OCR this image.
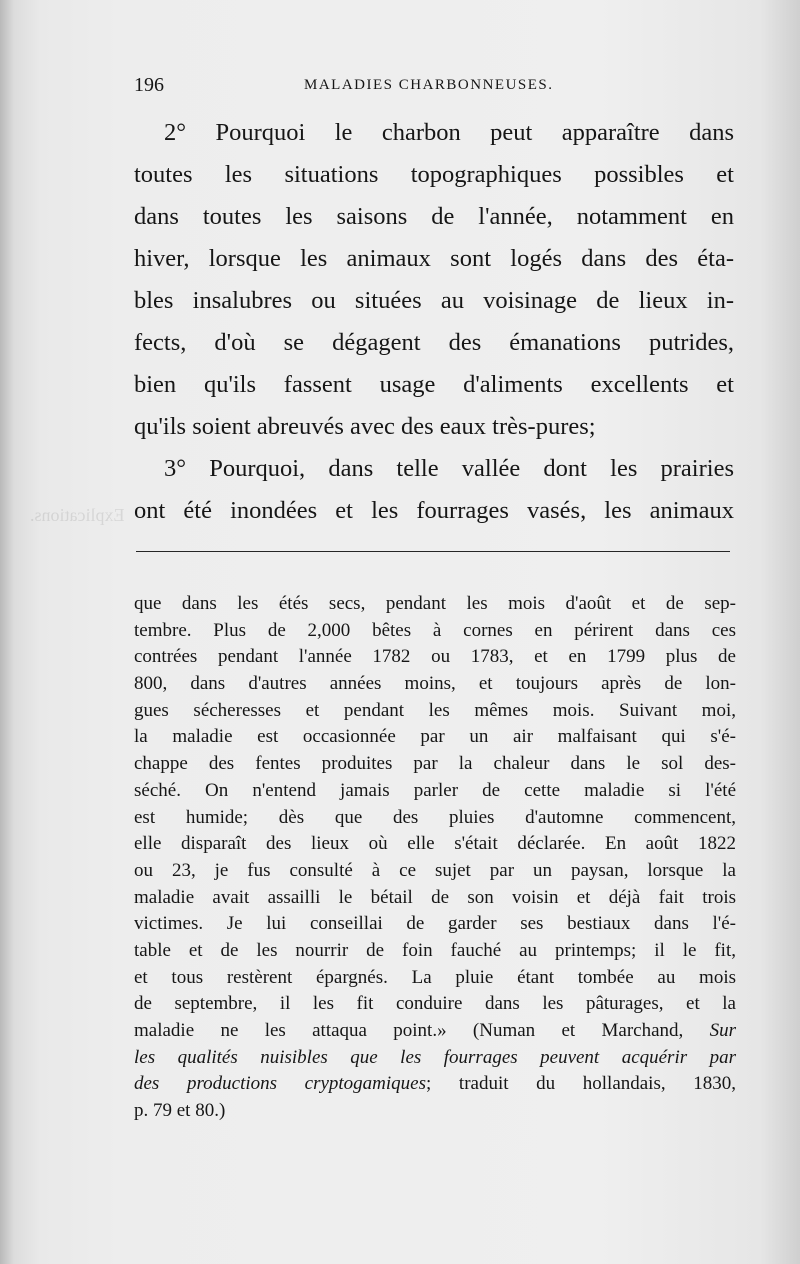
Explications.
196	MALADIES CHARBONNEUSES.
2° Pourquoi le charbon peut apparaître dans
toutes les situations topographiques possibles et
dans toutes les saisons de l'année, notamment en
hiver, lorsque les animaux sont logés dans des éta-
bles insalubres ou situées au voisinage de lieux in-
fects, d'où se dégagent des émanations putrides,
bien qu'ils fassent usage d'aliments excellents et
qu'ils soient abreuvés avec des eaux très-pures;
3° Pourquoi, dans telle vallée dont les prairies
ont été inondées et les fourrages vasés, les animaux
que dans les étés secs, pendant les mois d'août et de sep-
tembre. Plus de 2,000 bêtes à cornes en périrent dans ces
contrées pendant l'année 1782 ou 1783, et en 1799 plus de
800, dans d'autres années moins, et toujours après de lon-
gues sécheresses et pendant les mêmes mois. Suivant moi,
la maladie est occasionnée par un air malfaisant qui s'é-
chappe des fentes produites par la chaleur dans le sol des-
séché. On n'entend jamais parler de cette maladie si l'été
est humide; dès que des pluies d'automne commencent,
elle disparaît des lieux où elle s'était déclarée. En août 1822
ou 23, je fus consulté à ce sujet par un paysan, lorsque la
maladie avait assailli le bétail de son voisin et déjà fait trois
victimes. Je lui conseillai de garder ses bestiaux dans l'é-
table et de les nourrir de foin fauché au printemps; il le fit,
et tous restèrent épargnés. La pluie étant tombée au mois
de septembre, il les fit conduire dans les pâturages, et la
maladie ne les attaqua point.» (Numan et Marchand, Sur
les qualités nuisibles que les fourrages peuvent acquérir par
des productions cryptogamiques; traduit du hollandais, 1830,
p. 79 et 80.)
